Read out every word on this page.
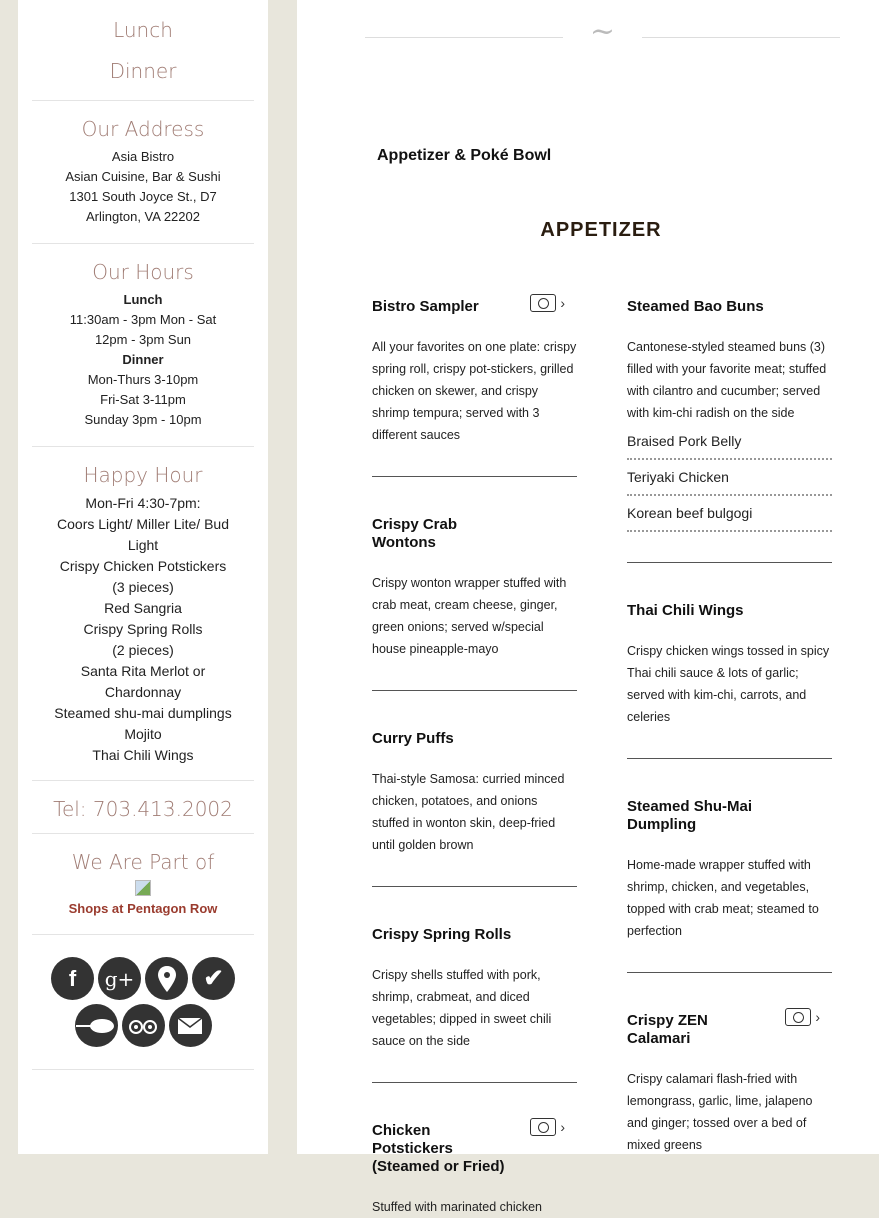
Lunch
Dinner
Our Address
Asia Bistro
Asian Cuisine, Bar & Sushi
1301 South Joyce St., D7
Arlington, VA 22202
Our Hours
Lunch
11:30am - 3pm Mon - Sat
12pm - 3pm Sun
Dinner
Mon-Thurs 3-10pm
Fri-Sat 3-11pm
Sunday 3pm - 10pm
Happy Hour
Mon-Fri 4:30-7pm:
Coors Light/ Miller Lite/ Bud Light
Crispy Chicken Potstickers
(3 pieces)
Red Sangria
Crispy Spring Rolls
(2 pieces)
Santa Rita Merlot or Chardonnay
Steamed shu-mai dumplings
Mojito
Thai Chili Wings
Tel: 703.413.2002
We Are Part of
Shops at Pentagon Row
f	g+	✔
~
Appetizer & Poké Bowl
APPETIZER
Bistro Sampler	›
All your favorites on one plate: crispy spring roll, crispy pot-stickers, grilled chicken on skewer, and crispy shrimp tempura; served with 3 different sauces
Crispy Crab Wontons
Crispy wonton wrapper stuffed with crab meat, cream cheese, ginger, green onions; served w/special house pineapple-mayo
Curry Puffs
Thai-style Samosa: curried minced chicken, potatoes, and onions stuffed in wonton skin, deep-fried until golden brown
Crispy Spring Rolls
Crispy shells stuffed with pork, shrimp, crabmeat, and diced vegetables; dipped in sweet chili sauce on the side
Chicken Potstickers (Steamed or Fried)
›
Stuffed with marinated chicken
Steamed Bao Buns
Cantonese-styled steamed buns (3) filled with your favorite meat; stuffed with cilantro and cucumber; served with kim-chi radish on the side
Braised Pork Belly
Teriyaki Chicken
Korean beef bulgogi
Thai Chili Wings
Crispy chicken wings tossed in spicy Thai chili sauce & lots of garlic; served with kim-chi, carrots, and celeries
Steamed Shu-Mai Dumpling
Home-made wrapper stuffed with shrimp, chicken, and vegetables, topped with crab meat; steamed to perfection
Crispy ZEN Calamari
›
Crispy calamari flash-fried with lemongrass, garlic, lime, jalapeno and ginger; tossed over a bed of mixed greens
